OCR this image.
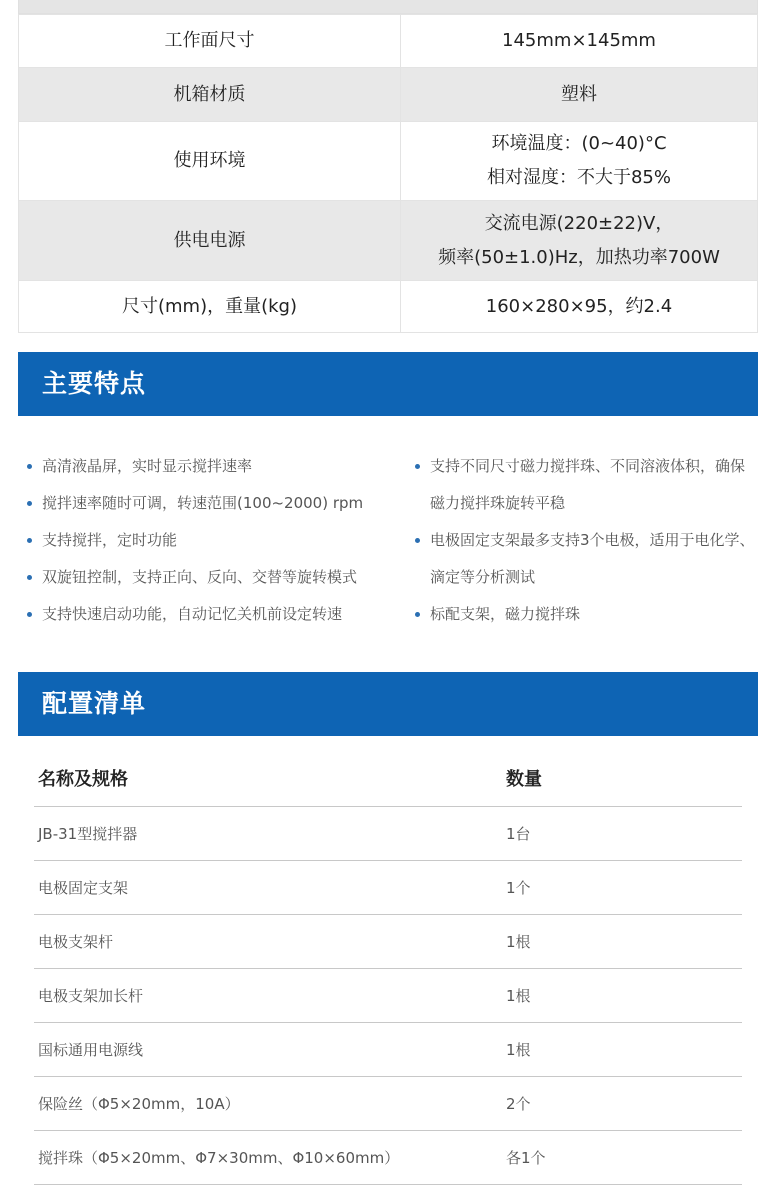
工作面尺寸	145mm×145mm

机箱材质	塑料

使用环境	环境温度：(0~40)°C
相对湿度：不大于85%

供电电源	交流电源(220±22)V，
频率(50±1.0)Hz，加热功率700W

尺寸(mm)，重量(kg)	160×280×95，约2.4
主要特点
高清液晶屏，实时显示搅拌速率
搅拌速率随时可调，转速范围(100~2000) rpm
支持搅拌，定时功能
双旋钮控制，支持正向、反向、交替等旋转模式
支持快速启动功能，自动记忆关机前设定转速
支持不同尺寸磁力搅拌珠、不同溶液体积，确保
磁力搅拌珠旋转平稳
电极固定支架最多支持3个电极，适用于电化学、
滴定等分析测试
标配支架，磁力搅拌珠
配置清单
名称及规格	数量
JB-31型搅拌器	1台
电极固定支架	1个
电极支架杆	1根
电极支架加长杆	1根
国标通用电源线	1根
保险丝（Φ5×20mm，10A）	2个
搅拌珠（Φ5×20mm、Φ7×30mm、Φ10×60mm）	各1个
